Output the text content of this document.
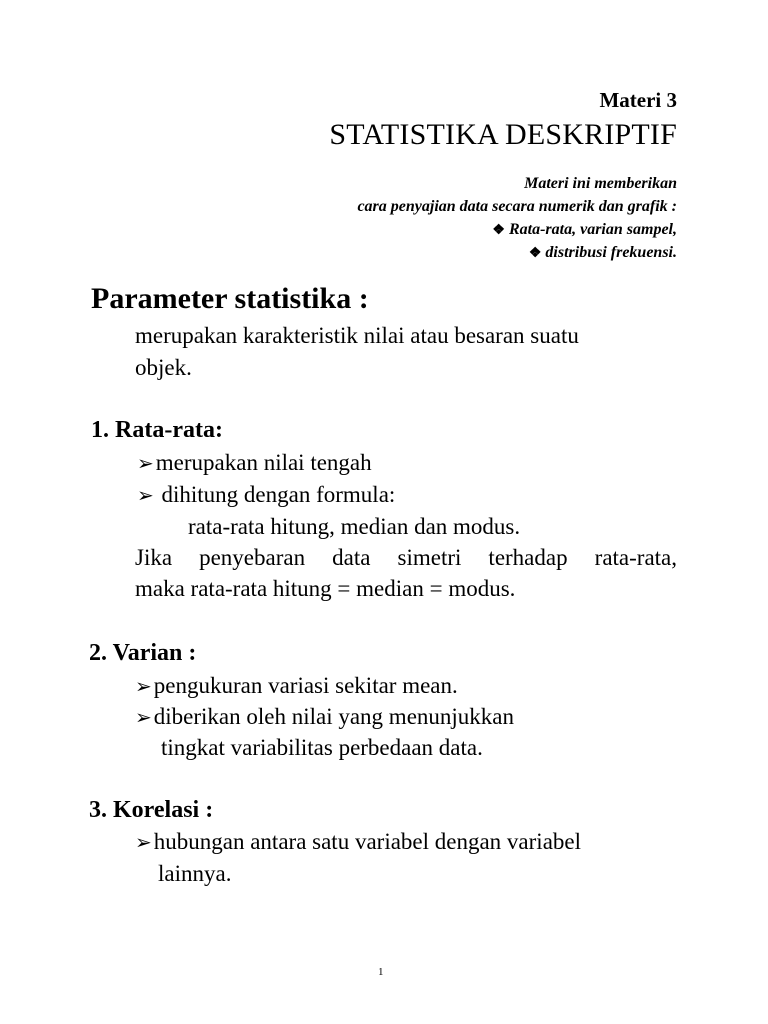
Materi 3
STATISTIKA DESKRIPTIF
Materi ini memberikan
cara penyajian data secara numerik dan grafik :
❖ Rata-rata, varian sampel,
❖ distribusi frekuensi.
Parameter statistika :
merupakan karakteristik nilai atau besaran suatu
objek.
1. Rata-rata:
➢merupakan nilai tengah
➢ dihitung dengan formula:
rata-rata hitung, median dan modus.
Jika penyebaran data simetri terhadap rata-rata,
maka rata-rata hitung = median = modus.
2. Varian :
➢pengukuran variasi sekitar mean.
➢diberikan oleh nilai yang menunjukkan
tingkat variabilitas perbedaan data.
3. Korelasi :
➢hubungan antara satu variabel dengan variabel
lainnya.
1
